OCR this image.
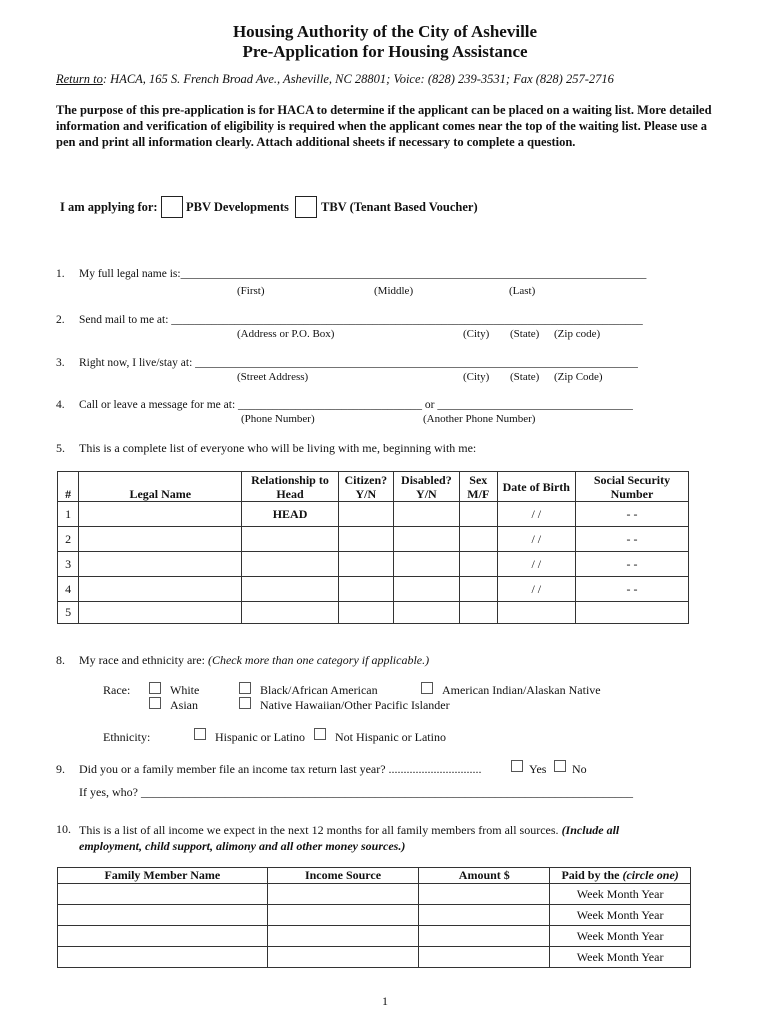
Housing Authority of the City of Asheville
Pre-Application for Housing Assistance
Return to: HACA, 165 S. French Broad Ave., Asheville, NC 28801; Voice: (828) 239-3531; Fax (828) 257-2716
The purpose of this pre-application is for HACA to determine if the applicant can be placed on a waiting list. More detailed information and verification of eligibility is required when the applicant comes near the top of the waiting list. Please use a pen and print all information clearly. Attach additional sheets if necessary to complete a question.
I am applying for: PBV Developments	TBV (Tenant Based Voucher)
1. My full legal name is:_________________________________________________________________________________
(First)	(Middle)	(Last)
2. Send mail to me at: __________________________________________________________________________________
(Address or P.O. Box)	(City) (State) (Zip code)
3. Right now, I live/stay at: _____________________________________________________________________________
(Street Address)	(City) (State) (Zip Code)
4. Call or leave a message for me at: ________________________________ or __________________________________
(Phone Number)	(Another Phone Number)
5. This is a complete list of everyone who will be living with me, beginning with me:
#	Legal Name	Relationship to Head	Citizen? Y/N	Disabled? Y/N	Sex M/F	Date of Birth	Social Security Number
1		HEAD				/ /	- -
2						/ /	- -
3						/ /	- -
4						/ /	- -
5							
8. My race and ethnicity are: (Check more than one category if applicable.)
Race:	White
Asian
Black/African American
Native Hawaiian/Other Pacific Islander
American Indian/Alaskan Native
Ethnicity:	Hispanic or Latino	Not Hispanic or Latino
9. Did you or a family member file an income tax return last year? ...............................	Yes No
If yes, who? __________________________________________________________________________________
10. This is a list of all income we expect in the next 12 months for all family members from all sources. (Include all employment, child support, alimony and all other money sources.)
Family Member Name	Income Source	Amount $	Paid by the (circle one)
			Week Month Year
			Week Month Year
			Week Month Year
			Week Month Year
1
